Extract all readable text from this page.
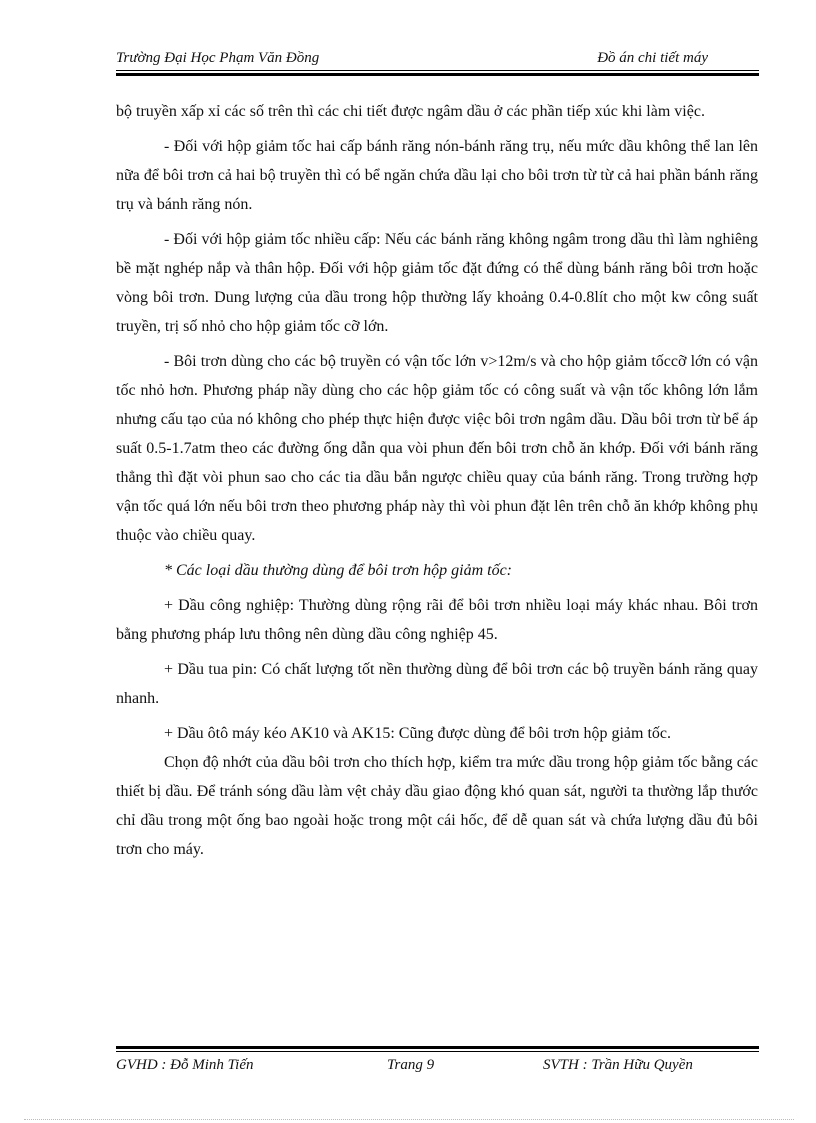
Trường Đại Học Phạm Văn Đồng	Đồ án chi tiết máy

bộ truyền xấp xỉ các số trên thì các chi tiết được ngâm dầu ở các phần tiếp xúc khi làm việc.

- Đối với hộp giảm tốc hai cấp bánh răng nón-bánh răng trụ, nếu mức dầu không thể lan lên nữa để bôi trơn cả hai bộ truyền thì có bể ngăn chứa dầu lại cho bôi trơn từ từ cả hai phần bánh răng trụ và bánh răng nón.

- Đối với hộp giảm tốc nhiều cấp: Nếu các bánh răng không ngâm trong dầu thì làm nghiêng bề mặt nghép nắp và thân hộp. Đối với hộp giảm tốc đặt đứng có thể dùng bánh răng bôi trơn hoặc vòng bôi trơn. Dung lượng của dầu trong hộp thường lấy khoảng 0.4-0.8lít cho một kw công suất truyền, trị số nhỏ cho hộp giảm tốc cỡ lớn.

- Bôi trơn dùng cho các bộ truyền có vận tốc lớn v>12m/s và cho hộp giảm tốccỡ lớn có vận tốc nhỏ hơn. Phương pháp nầy dùng cho các hộp giảm tốc có công suất và vận tốc không lớn lắm nhưng cấu tạo của nó không cho phép thực hiện được việc bôi trơn ngâm dầu. Dầu bôi trơn từ bể áp suất 0.5-1.7atm theo các đường ống dẫn qua vòi phun đến bôi trơn chỗ ăn khớp. Đối với bánh răng thẳng thì đặt vòi phun sao cho các tia dầu bắn ngược chiều quay của bánh răng. Trong trường hợp vận tốc quá lớn nếu bôi trơn theo phương pháp này thì vòi phun đặt lên trên chỗ ăn khớp không phụ thuộc vào chiều quay.

* Các loại dầu thường dùng để bôi trơn hộp giảm tốc:

+ Dầu công nghiệp: Thường dùng rộng rãi để bôi trơn nhiều loại máy khác nhau. Bôi trơn bằng phương pháp lưu thông nên dùng dầu công nghiệp 45.

+ Dầu tua pin: Có chất lượng tốt nền thường dùng để bôi trơn các bộ truyền bánh răng quay nhanh.

+ Dầu ôtô máy kéo AK10 và AK15: Cũng được dùng để bôi trơn hộp giảm tốc.

Chọn độ nhớt của dầu bôi trơn cho thích hợp, kiểm tra mức dầu trong hộp giảm tốc bằng các thiết bị dầu. Để tránh sóng dầu làm vệt chảy dầu giao động khó quan sát, người ta thường lắp thước chỉ dầu trong một ống bao ngoài hoặc trong một cái hốc, để dễ quan sát và chứa lượng dầu đủ bôi trơn cho máy.

GVHD : Đỗ Minh Tiến	Trang 9	SVTH : Trần Hữu Quyền
